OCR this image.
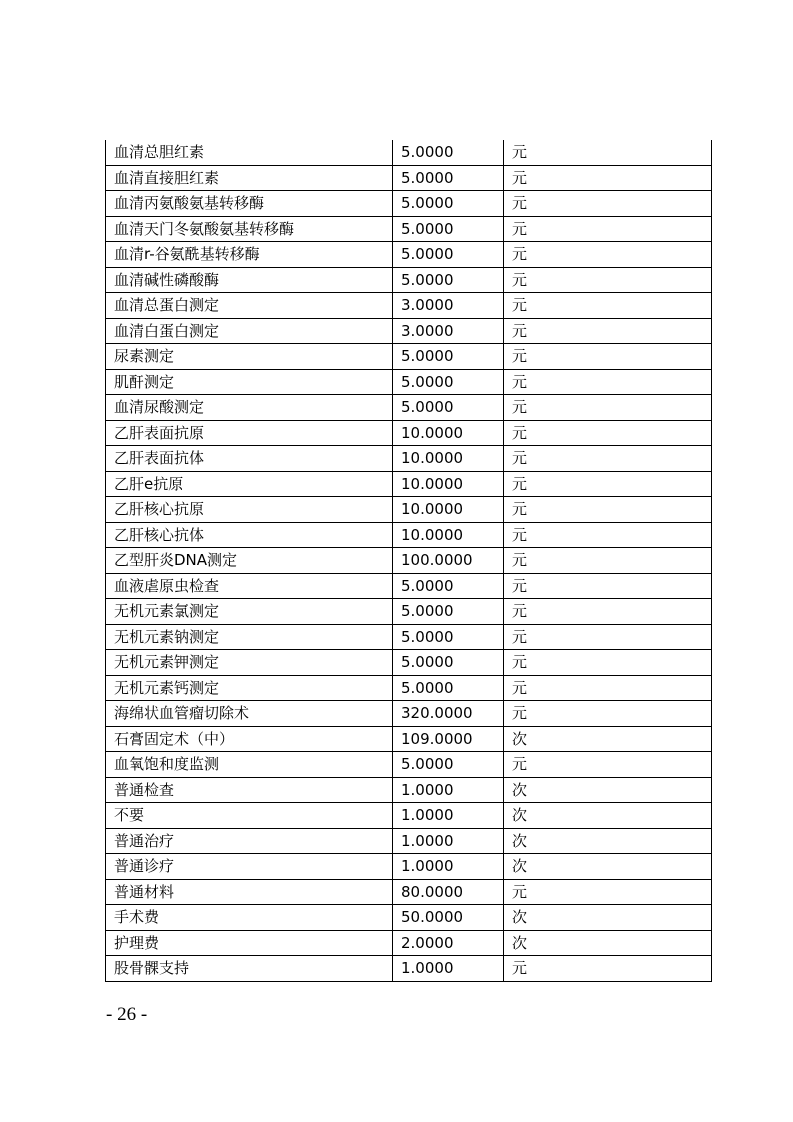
血清总胆红素	5.0000	元
血清直接胆红素	5.0000	元
血清丙氨酸氨基转移酶	5.0000	元
血清天门冬氨酸氨基转移酶	5.0000	元
血清r-谷氨酰基转移酶	5.0000	元
血清碱性磷酸酶	5.0000	元
血清总蛋白测定	3.0000	元
血清白蛋白测定	3.0000	元
尿素测定	5.0000	元
肌酐测定	5.0000	元
血清尿酸测定	5.0000	元
乙肝表面抗原	10.0000	元
乙肝表面抗体	10.0000	元
乙肝e抗原	10.0000	元
乙肝核心抗原	10.0000	元
乙肝核心抗体	10.0000	元
乙型肝炎DNA测定	100.0000	元
血液虐原虫检查	5.0000	元
无机元素氯测定	5.0000	元
无机元素钠测定	5.0000	元
无机元素钾测定	5.0000	元
无机元素钙测定	5.0000	元
海绵状血管瘤切除术	320.0000	元
石膏固定术（中）	109.0000	次
血氧饱和度监测	5.0000	元
普通检查	1.0000	次
不要	1.0000	次
普通治疗	1.0000	次
普通诊疗	1.0000	次
普通材料	80.0000	元
手术费	50.0000	次
护理费	2.0000	次
股骨髁支持	1.0000	元
- 26 -
